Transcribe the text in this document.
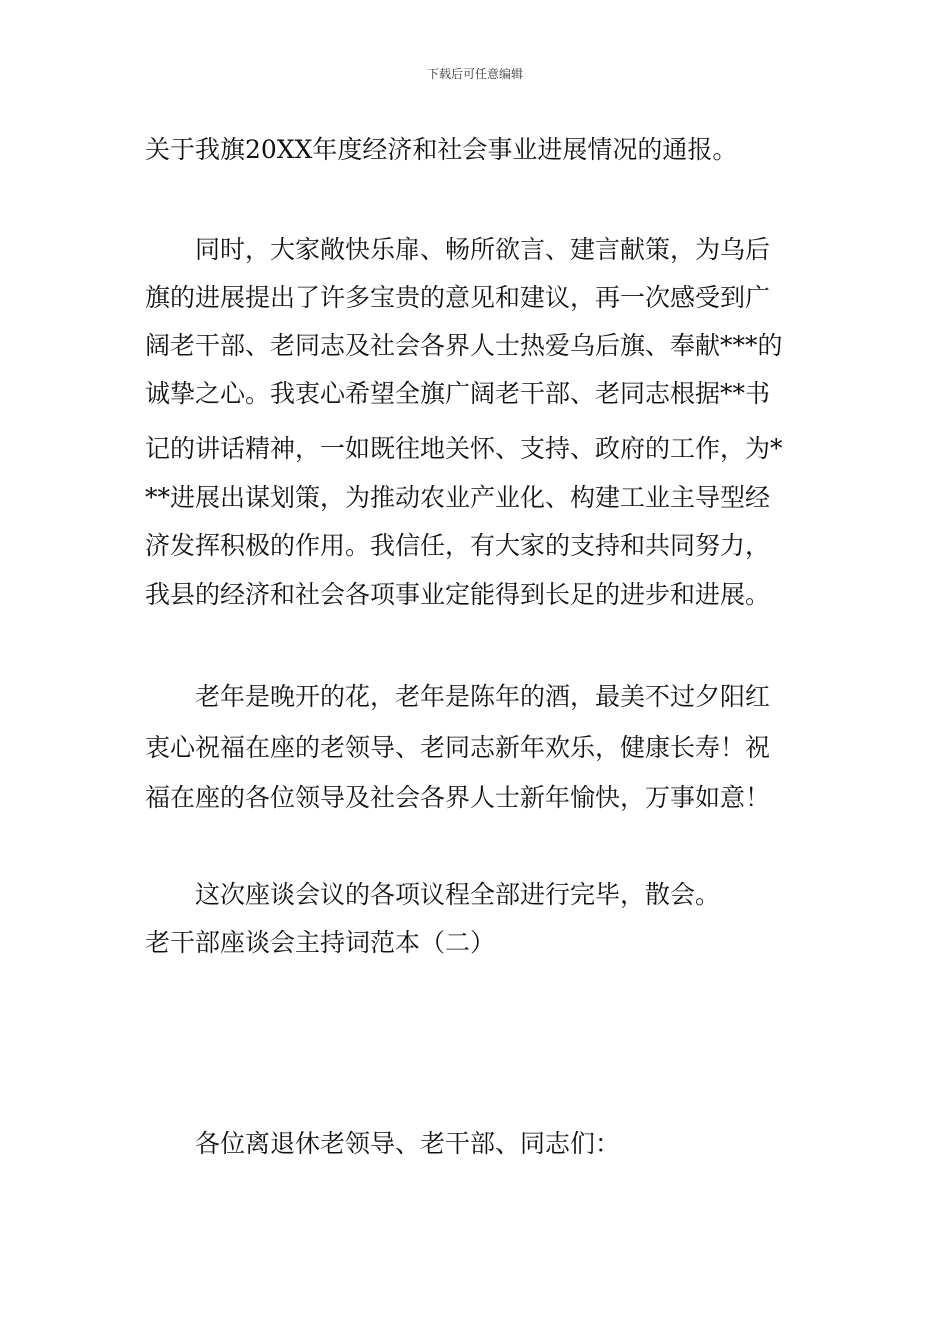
下载后可任意编辑
关于我旗20XX年度经济和社会事业进展情况的通报。
同时，大家敞快乐扉、畅所欲言、建言献策，为乌后
旗的进展提出了许多宝贵的意见和建议，再一次感受到广
阔老干部、老同志及社会各界人士热爱乌后旗、奉献***的
诚挚之心。我衷心希望全旗广阔老干部、老同志根据**书
记的讲话精神，一如既往地关怀、支持、政府的工作，为*
**进展出谋划策，为推动农业产业化、构建工业主导型经
济发挥积极的作用。我信任，有大家的支持和共同努力，
我县的经济和社会各项事业定能得到长足的进步和进展。
老年是晚开的花，老年是陈年的酒，最美不过夕阳红
衷心祝福在座的老领导、老同志新年欢乐，健康长寿！祝
福在座的各位领导及社会各界人士新年愉快，万事如意！
这次座谈会议的各项议程全部进行完毕，散会。
老干部座谈会主持词范本（二）
各位离退休老领导、老干部、同志们：
